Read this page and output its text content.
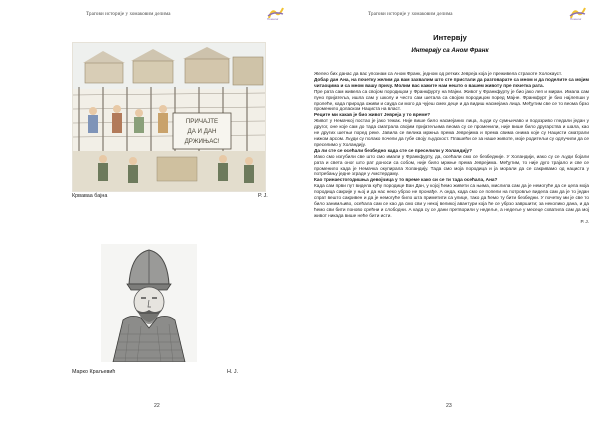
Трагови историје у хомаковим делима
Поенинг
ПРИЧАЈТЕ
ДА И ДАН
ДРЖИЊАС!
Крваваа бајна	Р. Ј.
Марко Краљевић	Н. Ј.
22
Трагови историје у хомаковим делима
Поенинг
23
Интервју
Интервју са Аном Франк

Желео бих данас да вас упознам са Аном Франк, једном од ретких Јевреја која је преживела страхоте Холокауст.

Добар дан Ана, на почетку желим да вам захвалим што сте пристали да разговарате са мном и да поделите са мојим читаоцима и са мном вашу причу. Молим вас кажите нам нешто о вашем животу пре почетка рата.

Пре рата сам живела са својом породицом у Франкфурту на Мајни. Живот у Франкфурту је био јако леп и миран. Имала сам пуно пријатеља, ишла сам у школу и често сам шетала са својом породицом поред Мајне. Франкфурт је био најлепши у пролеће, када природа оживи и сауда си мого да чујеш смех деце и да видиш насмејана лица. Међутим све се то веома брзо променило доласком Нациста на власт.

Реците ми какав је био живот Јевреја у то време?

Живот у Немачкој постао је јако тежак. Није више било насмејаних лица, људи су сумњичаво и подозриво гледали један у другог, оне које сам до тада сматрала својим пријатељима веома су се променили, није више било другарства и шала, као не других шетњи поред реке. Јавила се велика мржња према Јеврејима и према свима онима које су Нацисти сматрали нижом арсом. Људи су полако почели да губе своју људскост. Плашећи се за наше животе, моје родитељи су одлучили да се преселимо у Холандију.

Да ли сте се осећали безбедно када сте се преселили у Холандију?

Иако смо изгубили све што смо имали у Франкфурту, да, осећали смо се безбедније. У Холандији, иако су се људи бојали рата и света оног што рат доноси са собом, није било мржње према Јеврејима. Међутим, то није дуго трајало и све се променило када је Немачка окупирала Холандију. Тада смо моја породица и ја морали да се сакривамо од нациста у потребању једне зграде у Амстердаму.

Као тринаестогодишња девојчица у то време како си се ти тада осећала, Ана?

Када сам први пут видела кућу породице Ван Дан, у којој ћемо живети са њима, мислила сам да је немогуће да се цела моја породица сакрије у њој и да нас неко убрзо не пронађе. А онда, када смо се попели на потровље видела сам да је то један спрат вешто сакривен и да је немогуће било шта приметити са улице, тако да ћемо ту бити безбедни. У почетку ми је све то било занимљиво, осећала сам се као да смо сви у некој великој авантури која ће се убрзо завршити; за неколико дана, и да ћемо сви бити поново срећни и слободни. А када су се дани претворили у недеље, а недеље у месеце схватила сам да мој живот никада више неће бити исти.

Р. Ј.
